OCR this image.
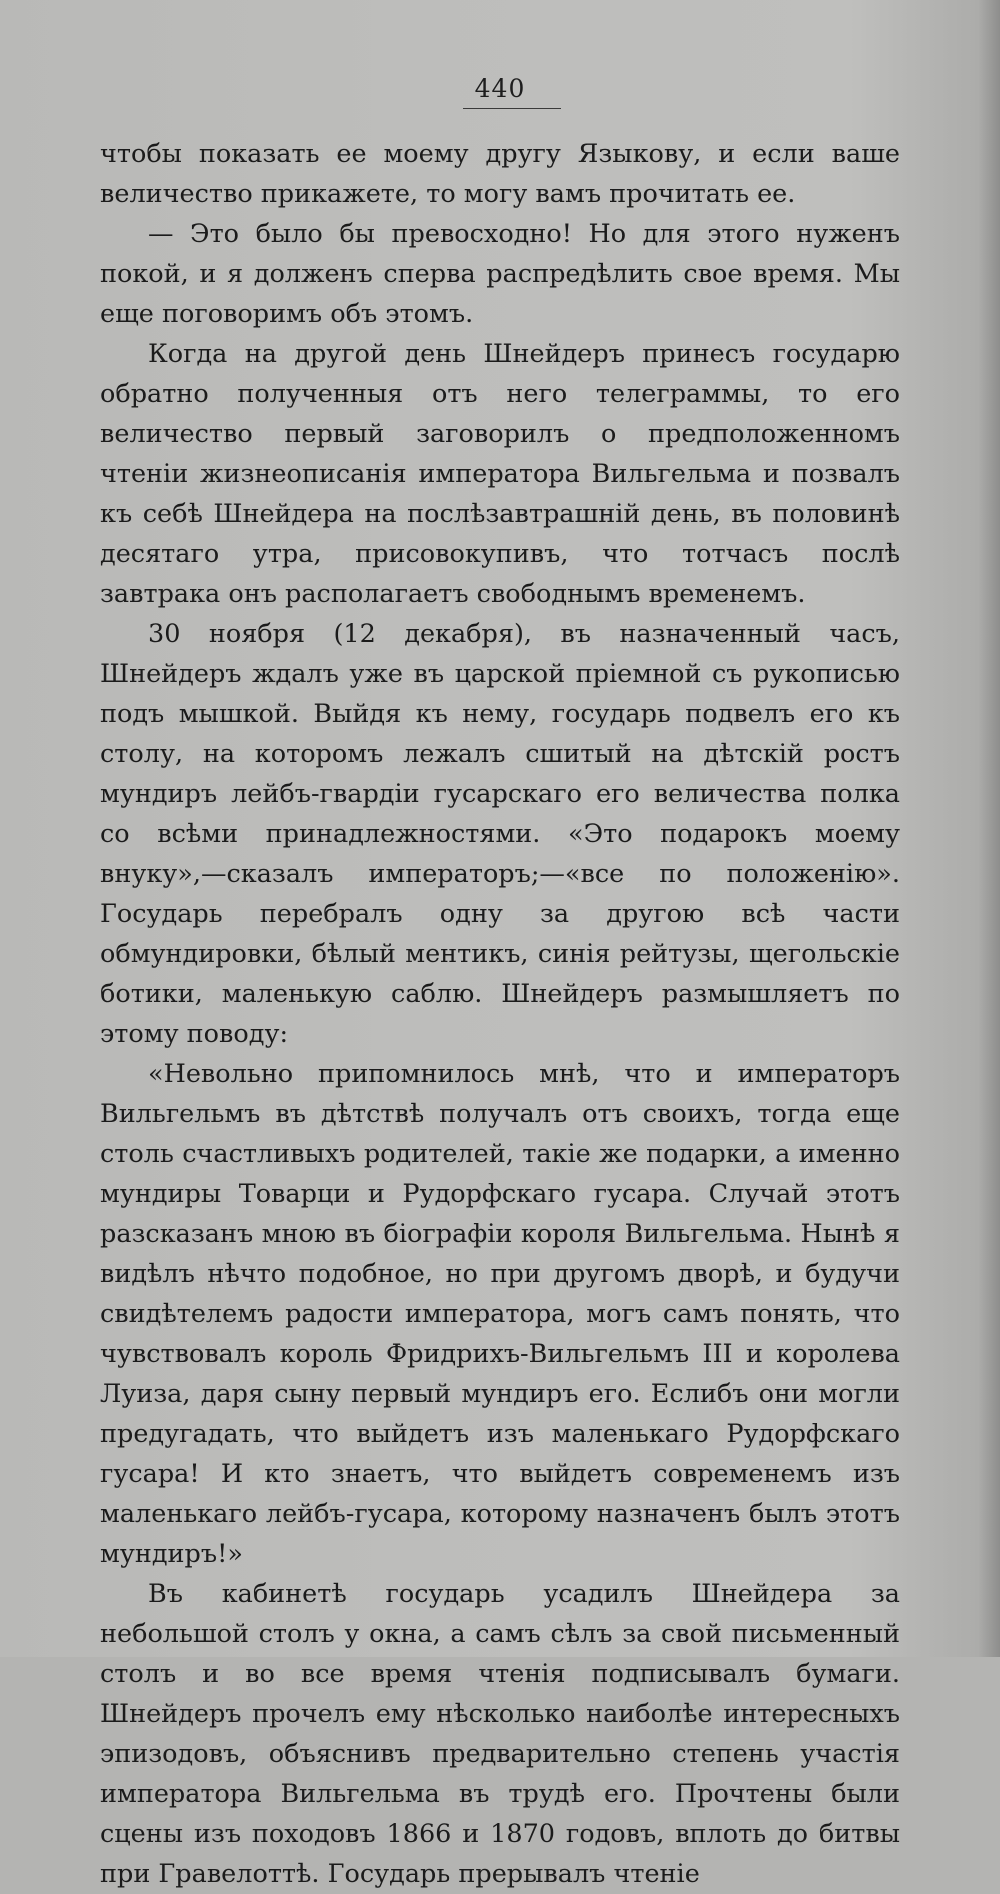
440

чтобы показать ее моему другу Языкову, и если ваше величество прикажете, то могу вамъ прочитать ее.

— Это было бы превосходно! Но для этого нуженъ покой, и я долженъ сперва распредѣлить свое время. Мы еще поговоримъ объ этомъ.

Когда на другой день Шнейдеръ принесъ государю обратно полученныя отъ него телеграммы, то его величество первый заговорилъ о предположенномъ чтеніи жизнеописанія императора Вильгельма и позвалъ къ себѣ Шнейдера на послѣзавтрашній день, въ половинѣ десятаго утра, присовокупивъ, что тотчасъ послѣ завтрака онъ располагаетъ свободнымъ временемъ.

30 ноября (12 декабря), въ назначенный часъ, Шнейдеръ ждалъ уже въ царской пріемной съ рукописью подъ мышкой. Выйдя къ нему, государь подвелъ его къ столу, на которомъ лежалъ сшитый на дѣтскій ростъ мундиръ лейбъ-гвардіи гусарскаго его величества полка со всѣми принадлежностями. «Это подарокъ моему внуку»,—сказалъ императоръ;—«все по положенію». Государь перебралъ одну за другою всѣ части обмундировки, бѣлый ментикъ, синія рейтузы, щегольскіе ботики, маленькую саблю. Шнейдеръ размышляетъ по этому поводу:

«Невольно припомнилось мнѣ, что и императоръ Вильгельмъ въ дѣтствѣ получалъ отъ своихъ, тогда еще столь счастливыхъ родителей, такіе же подарки, а именно мундиры Товарци и Рудорфскаго гусара. Случай этотъ разсказанъ мною въ біографіи короля Вильгельма. Нынѣ я видѣлъ нѣчто подобное, но при другомъ дворѣ, и будучи свидѣтелемъ радости императора, могъ самъ понять, что чувствовалъ король Фридрихъ-Вильгельмъ III и королева Луиза, даря сыну первый мундиръ его. Еслибъ они могли предугадать, что выйдетъ изъ маленькаго Рудорфскаго гусара! И кто знаетъ, что выйдетъ современемъ изъ маленькаго лейбъ-гусара, которому назначенъ былъ этотъ мундиръ!»

Въ кабинетѣ государь усадилъ Шнейдера за небольшой столъ у окна, а самъ сѣлъ за свой письменный столъ и во все время чтенія подписывалъ бумаги. Шнейдеръ прочелъ ему нѣсколько наиболѣе интересныхъ эпизодовъ, объяснивъ предварительно степень участія императора Вильгельма въ трудѣ его. Прочтены были сцены изъ походовъ 1866 и 1870 годовъ, вплоть до битвы при Гравелоттѣ. Государь прерывалъ чтеніе
